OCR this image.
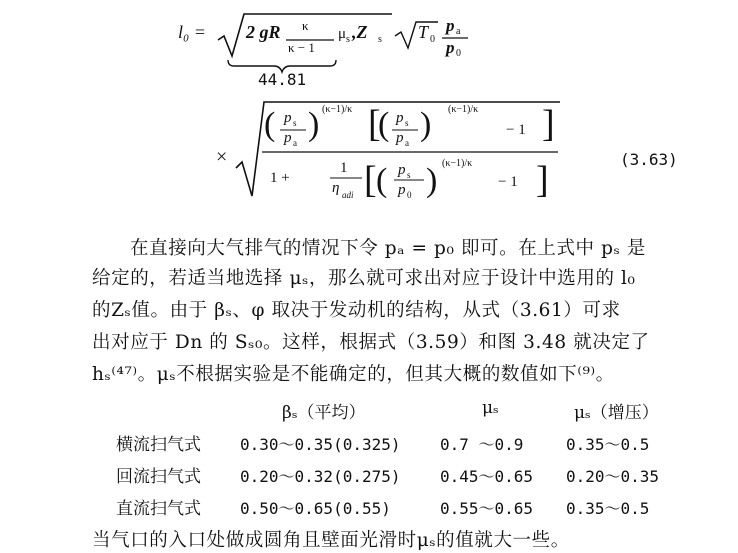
l₀ = 2 gR κ
κ − 1
μ s ,Z s T 0
p a
p 0
44.81
×
( p s
p a ) (κ−1)/κ [
( p s
p a ) (κ−1)/κ
− 1 ]
1 +
1
η adi [ ( p s
p 0 ) (κ−1)/κ
− 1 ]	(3.63)
在直接向大气排气的情况下令 pₐ = p₀ 即可。在上式中 pₛ 是
给定的，若适当地选择 μₛ，那么就可求出对应于设计中选用的 l₀
的Zₛ值。由于 βₛ、φ 取决于发动机的结构，从式（3.61）可求
出对应于 Dn 的 Sₛ₀。这样，根据式（3.59）和图 3.48 就决定了
hₛ⁽⁴⁷⁾。μₛ不根据实验是不能确定的，但其大概的数值如下⁽⁹⁾。
βₛ（平均）	μₛ	μₛ（增压）
横流扫气式 0.30～0.35(0.325) 0.7 ～0.9	0.35～0.5
回流扫气式 0.20～0.32(0.275) 0.45～0.65 0.20～0.35
直流扫气式 0.50～0.65(0.55)	0.55～0.65 0.35～0.5
当气口的入口处做成圆角且壁面光滑时μₛ的值就大一些。
